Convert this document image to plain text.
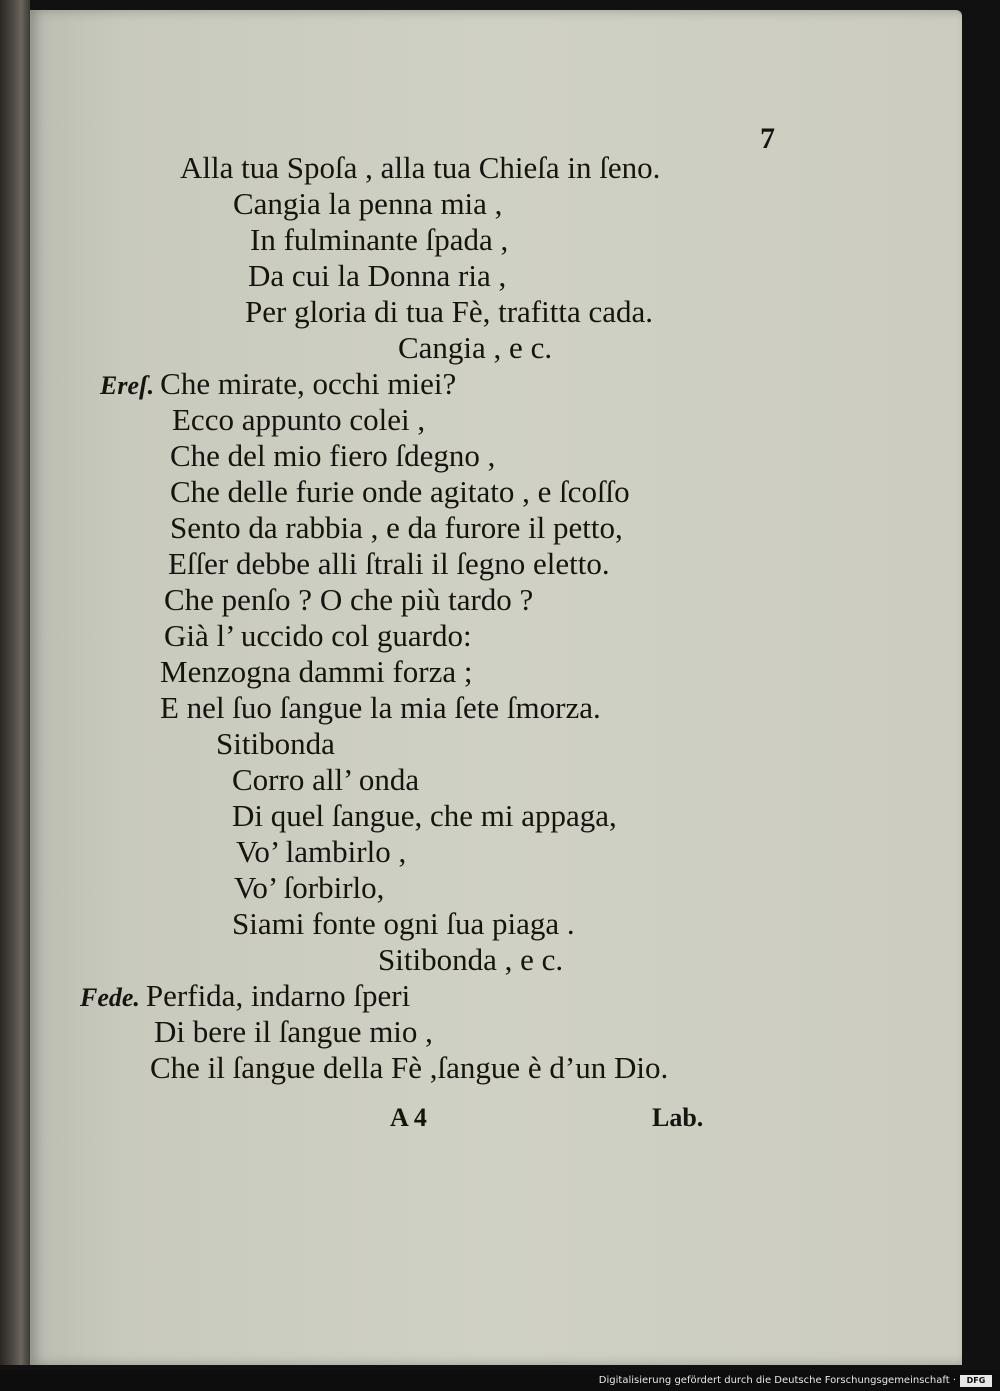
7
Alla tua Spoſa , alla tua Chieſa in ſeno.
Cangia la penna mia ,
In fulminante ſpada ,
Da cui la Donna ria ,
Per gloria di tua Fè, trafitta cada.
Cangia , e c.
Ereſ. Che mirate, occhi miei?
Ecco appunto colei ,
Che del mio fiero ſdegno ,
Che delle furie onde agitato , e ſcoſſo
Sento da rabbia , e da furore il petto,
Eſſer debbe alli ſtrali il ſegno eletto.
Che penſo ? O che più tardo ?
Già l’ uccido col guardo:
Menzogna dammi forza ;
E nel ſuo ſangue la mia ſete ſmorza.
Sitibonda
Corro all’ onda
Di quel ſangue, che mi appaga,
Vo’ lambirlo ,
Vo’ ſorbirlo,
Siami fonte ogni ſua piaga .
Sitibonda , e c.
Fede. Perfida, indarno ſperi
Di bere il ſangue mio ,
Che il ſangue della Fè ,ſangue è d’un Dio.
A 4	Lab.
Digitalisierung gefördert durch die Deutsche Forschungsgemeinschaft ·	DFG
